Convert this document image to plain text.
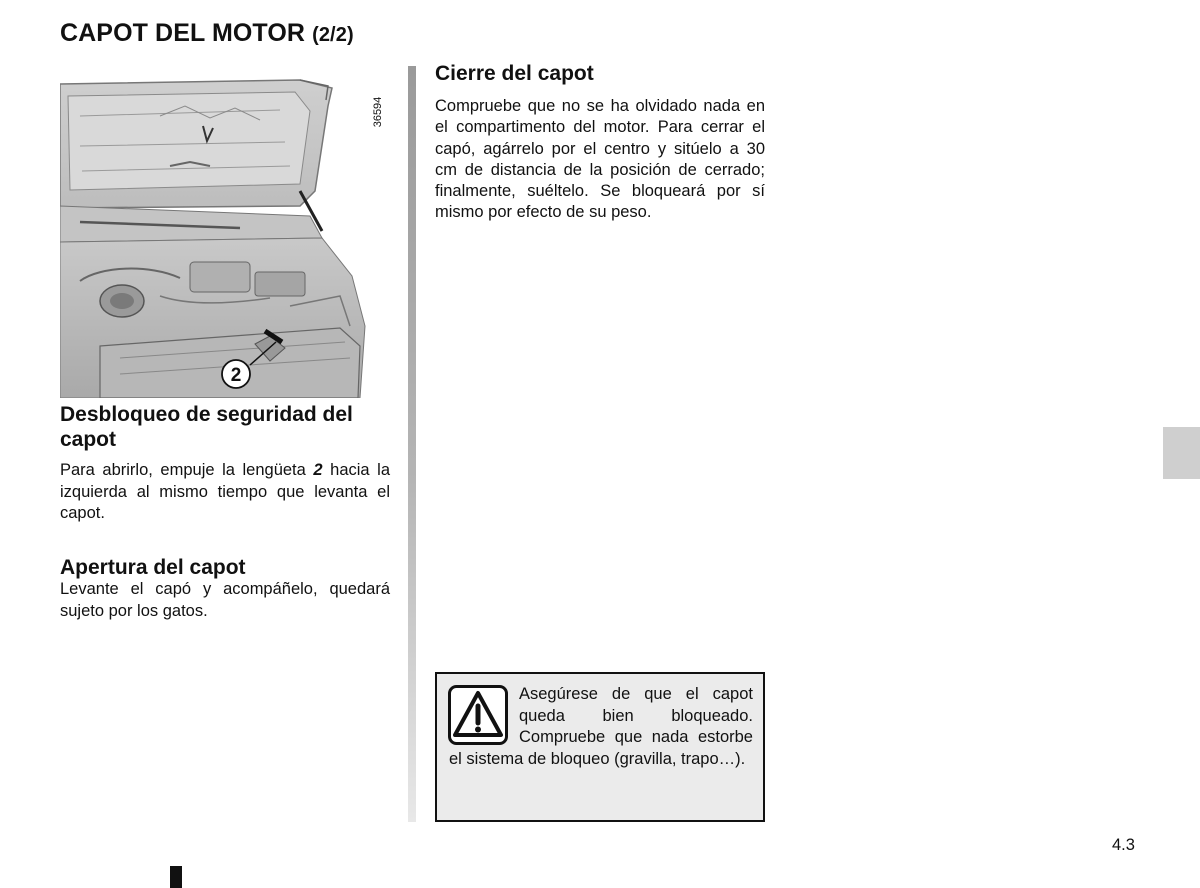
CAPOT DEL MOTOR (2/2)
2
36594
Desbloqueo de seguridad del
capot

Para abrirlo, empuje la lengüeta 2 hacia la izquierda al mismo tiempo que levanta el capot.

Apertura del capot

Levante el capó y acompáñelo, quedará sujeto por los gatos.

Cierre del capot

Compruebe que no se ha olvidado nada en el compartimento del motor. Para cerrar el capó, agárrelo por el centro y sitúelo a 30 cm de distancia de la posición de cerrado; finalmente, suéltelo. Se bloqueará por sí mismo por efecto de su peso.

Asegúrese de que el capot queda bien bloqueado. Compruebe que nada estorbe el sistema de bloqueo (gravilla, trapo…).

4.3
